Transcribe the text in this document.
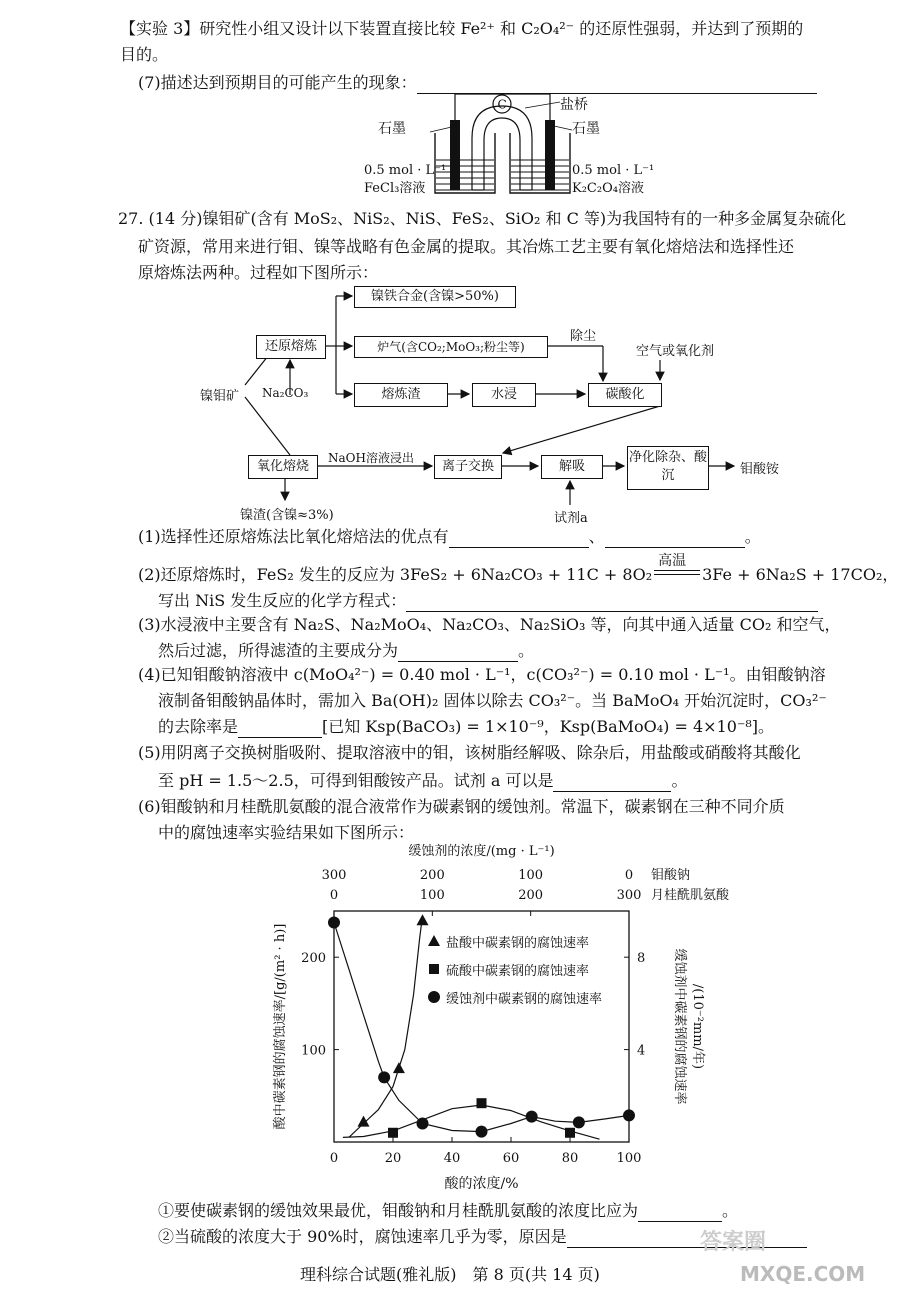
【实验 3】研究性小组又设计以下装置直接比较 Fe²⁺ 和 C₂O₄²⁻ 的还原性强弱，并达到了预期的
目的。
(7)描述达到预期目的可能产生的现象：
C	盐桥
石墨	石墨
0.5 mol · L⁻¹
FeCl₃溶液
0.5 mol · L⁻¹
K₂C₂O₄溶液
27. (14 分)镍钼矿(含有 MoS₂、NiS₂、NiS、FeS₂、SiO₂ 和 C 等)为我国特有的一种多金属复杂硫化
矿资源，常用来进行钼、镍等战略有色金属的提取。其冶炼工艺主要有氧化熔焙法和选择性还
原熔炼法两种。过程如下图所示：
镍钼矿
还原熔炼
Na₂CO₃
镍铁合金(含镍>50%)
炉气(含CO₂;MoO₃;粉尘等)
除尘
空气或氧化剂
熔炼渣	水浸	碳酸化
氧化熔烧
NaOH溶液浸出
离子交换	解吸
净化除杂、酸沉	钼酸铵
镍渣(含镍≈3%)	试剂a
(1)选择性还原熔炼法比氧化熔焙法的优点有	、	。
(2)还原熔炼时，FeS₂ 发生的反应为 3FeS₂ + 6Na₂CO₃ + 11C + 8O₂
高温
3Fe + 6Na₂S + 17CO₂，
写出 NiS 发生反应的化学方程式：
(3)水浸液中主要含有 Na₂S、Na₂MoO₄、Na₂CO₃、Na₂SiO₃ 等，向其中通入适量 CO₂ 和空气，
然后过滤，所得滤渣的主要成分为	。
(4)已知钼酸钠溶液中 c(MoO₄²⁻) = 0.40 mol · L⁻¹，c(CO₃²⁻) = 0.10 mol · L⁻¹。由钼酸钠溶
液制备钼酸钠晶体时，需加入 Ba(OH)₂ 固体以除去 CO₃²⁻。当 BaMoO₄ 开始沉淀时，CO₃²⁻
的去除率是	[已知 Ksp(BaCO₃) = 1×10⁻⁹，Ksp(BaMoO₄) = 4×10⁻⁸]。
(5)用阴离子交换树脂吸附、提取溶液中的钼，该树脂经解吸、除杂后，用盐酸或硝酸将其酸化
至 pH = 1.5～2.5，可得到钼酸铵产品。试剂 a 可以是	。
(6)钼酸钠和月桂酰肌氨酸的混合液常作为碳素钢的缓蚀剂。常温下，碳素钢在三种不同介质
中的腐蚀速率实验结果如下图所示：
0	20	40	60	80	100
酸的浓度/%
300
0
200
100
100
200
0
300
钼酸钠
月桂酰肌氨酸
缓蚀剂的浓度/(mg · L⁻¹)
100
200
4
8
酸中碳素钢的腐蚀速率/[g/(m² · h)]	缓蚀剂中碳素钢的腐蚀速率 /(10⁻²mm/年)
盐酸中碳素钢的腐蚀速率
硫酸中碳素钢的腐蚀速率
缓蚀剂中碳素钢的腐蚀速率
①要使碳素钢的缓蚀效果最优，钼酸钠和月桂酰肌氨酸的浓度比应为	。
②当硫酸的浓度大于 90%时，腐蚀速率几乎为零，原因是
理科综合试题(雅礼版)　第 8 页(共 14 页)
答案圈
MXQE.COM
